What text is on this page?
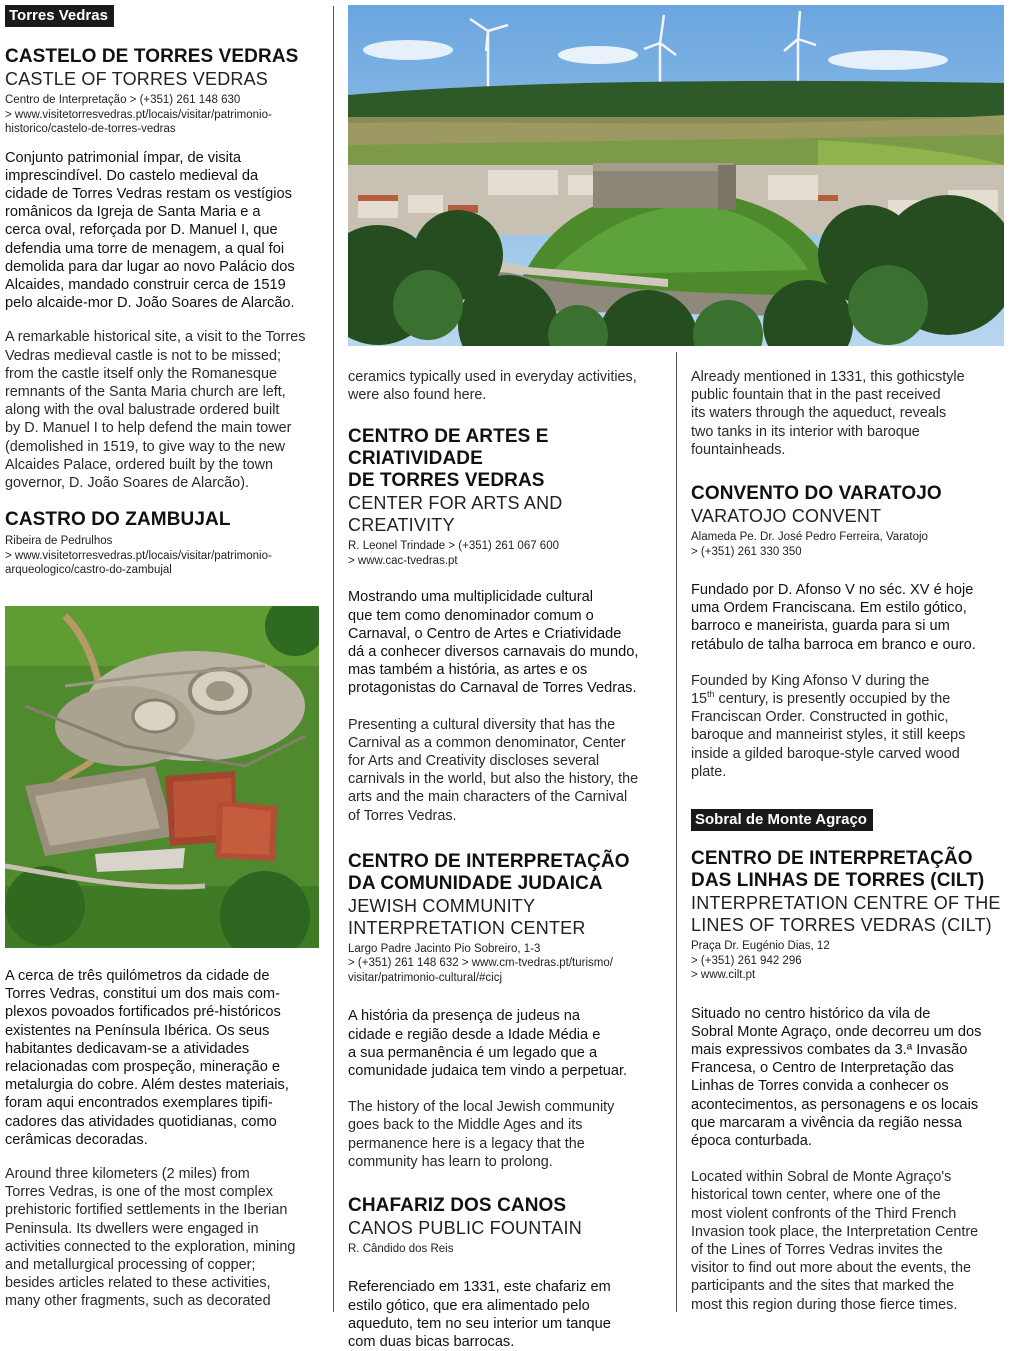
Torres Vedras
CASTELO DE TORRES VEDRAS
CASTLE OF TORRES VEDRAS
Centro de Interpretação > (+351) 261 148 630
> www.visitetorresvedras.pt/locais/visitar/patrimonio-
historico/castelo-de-torres-vedras
Conjunto patrimonial ímpar, de visita
imprescindível. Do castelo medieval da
cidade de Torres Vedras restam os vestígios
românicos da Igreja de Santa Maria e a
cerca oval, reforçada por D. Manuel I, que
defendia uma torre de menagem, a qual foi
demolida para dar lugar ao novo Palácio dos
Alcaides, mandado construir cerca de 1519
pelo alcaide-mor D. João Soares de Alarcão.
A remarkable historical site, a visit to the Torres
Vedras medieval castle is not to be missed;
from the castle itself only the Romanesque
remnants of the Santa Maria church are left,
along with the oval balustrade ordered built
by D. Manuel I to help defend the main tower
(demolished in 1519, to give way to the new
Alcaides Palace, ordered built by the town
governor, D. João Soares de Alarcão).
CASTRO DO ZAMBUJAL
Ribeira de Pedrulhos
> www.visitetorresvedras.pt/locais/visitar/patrimonio-
arqueologico/castro-do-zambujal
A cerca de três quilómetros da cidade de
Torres Vedras, constitui um dos mais com-
plexos povoados fortificados pré-históricos
existentes na Península Ibérica. Os seus
habitantes dedicavam-se a atividades
relacionadas com prospeção, mineração e
metalurgia do cobre. Além destes materiais,
foram aqui encontrados exemplares tipifi-
cadores das atividades quotidianas, como
cerâmicas decoradas.
Around three kilometers (2 miles) from
Torres Vedras, is one of the most complex
prehistoric fortified settlements in the Iberian
Peninsula. Its dwellers were engaged in
activities connected to the exploration, mining
and metallurgical processing of copper;
besides articles related to these activities,
many other fragments, such as decorated
ceramics typically used in everyday activities,
were also found here.
CENTRO DE ARTES E CRIATIVIDADE
DE TORRES VEDRAS
CENTER FOR ARTS AND CREATIVITY
R. Leonel Trindade > (+351) 261 067 600
> www.cac-tvedras.pt
Mostrando uma multiplicidade cultural
que tem como denominador comum o
Carnaval, o Centro de Artes e Criatividade
dá a conhecer diversos carnavais do mundo,
mas também a história, as artes e os
protagonistas do Carnaval de Torres Vedras.
Presenting a cultural diversity that has the
Carnival as a common denominator, Center
for Arts and Creativity discloses several
carnivals in the world, but also the history, the
arts and the main characters of the Carnival
of Torres Vedras.
CENTRO DE INTERPRETAÇÃO
DA COMUNIDADE JUDAICA
JEWISH COMMUNITY
INTERPRETATION CENTER
Largo Padre Jacinto Pio Sobreiro, 1-3
> (+351) 261 148 632 > www.cm-tvedras.pt/turismo/
visitar/patrimonio-cultural/#cicj
A história da presença de judeus na
cidade e região desde a Idade Média e
a sua permanência é um legado que a
comunidade judaica tem vindo a perpetuar.
The history of the local Jewish community
goes back to the Middle Ages and its
permanence here is a legacy that the
community has learn to prolong.
CHAFARIZ DOS CANOS
CANOS PUBLIC FOUNTAIN
R. Cândido dos Reis
Referenciado em 1331, este chafariz em
estilo gótico, que era alimentado pelo
aqueduto, tem no seu interior um tanque
com duas bicas barrocas.
Already mentioned in 1331, this gothicstyle
public fountain that in the past received
its waters through the aqueduct, reveals
two tanks in its interior with baroque
fountainheads.
CONVENTO DO VARATOJO
VARATOJO CONVENT
Alameda Pe. Dr. José Pedro Ferreira, Varatojo
> (+351) 261 330 350
Fundado por D. Afonso V no séc. XV é hoje
uma Ordem Franciscana. Em estilo gótico,
barroco e maneirista, guarda para si um
retábulo de talha barroca em branco e ouro.
Founded by King Afonso V during the
15th century, is presently occupied by the
Franciscan Order. Constructed in gothic,
baroque and manneirist styles, it still keeps
inside a gilded baroque-style carved wood
plate.
Sobral de Monte Agraço
CENTRO DE INTERPRETAÇÃO
DAS LINHAS DE TORRES (CILT)
INTERPRETATION CENTRE OF THE
LINES OF TORRES VEDRAS (CILT)
Praça Dr. Eugénio Dias, 12
> (+351) 261 942 296
> www.cilt.pt
Situado no centro histórico da vila de
Sobral Monte Agraço, onde decorreu um dos
mais expressivos combates da 3.ª Invasão
Francesa, o Centro de Interpretação das
Linhas de Torres convida a conhecer os
acontecimentos, as personagens e os locais
que marcaram a vivência da região nessa
época conturbada.
Located within Sobral de Monte Agraço's
historical town center, where one of the
most violent confronts of the Third French
Invasion took place, the Interpretation Centre
of the Lines of Torres Vedras invites the
visitor to find out more about the events, the
participants and the sites that marked the
most this region during those fierce times.
